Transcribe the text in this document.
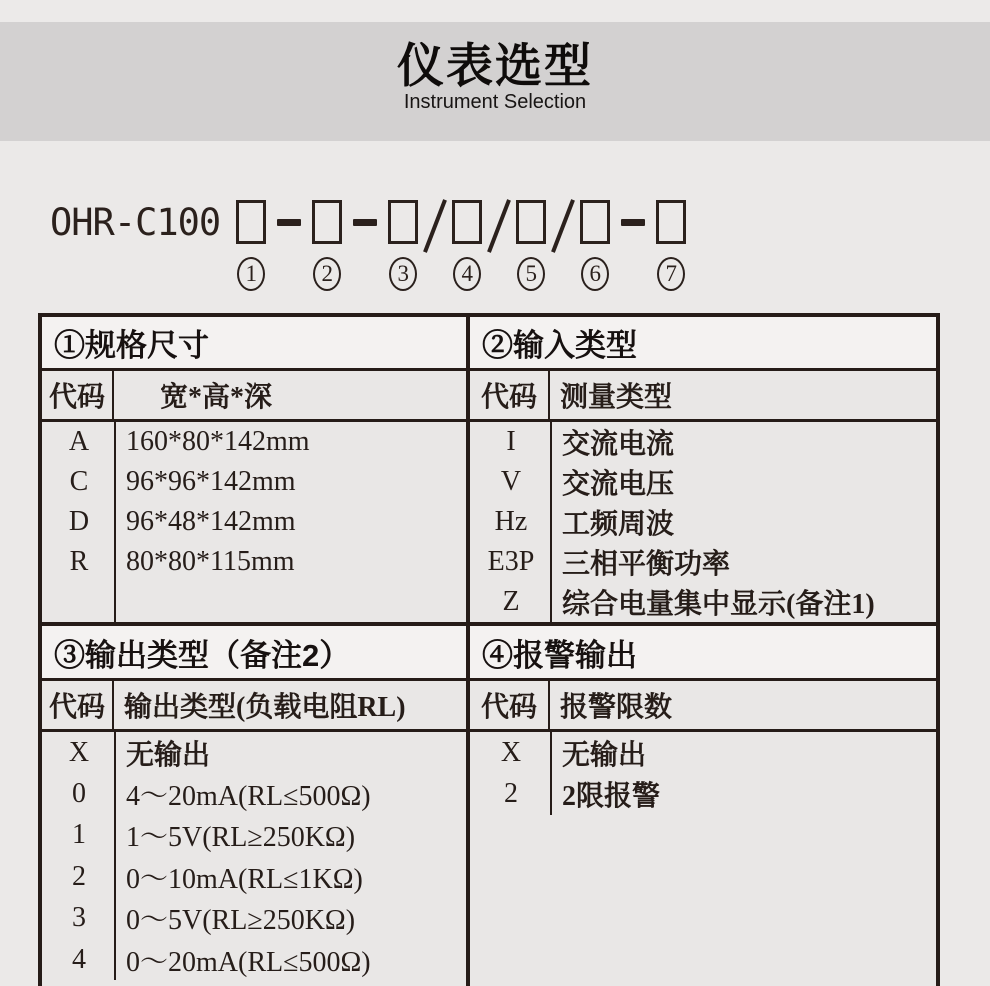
仪表选型
Instrument Selection
OHR-C100
1	2	3	4	5	6	7
①规格尺寸
代码	宽*高*深
A	160*80*142mm
C	96*96*142mm
D	96*48*142mm
R	80*80*115mm
③输出类型（备注2）
代码 输出类型(负载电阻RL)
X	无输出
0	4～20mA(RL≤500Ω)
1	1～5V(RL≥250KΩ)
2	0～10mA(RL≤1KΩ)
3	0～5V(RL≥250KΩ)
4	0～20mA(RL≤500Ω)
②输入类型
代码 测量类型
I	交流电流
V	交流电压
Hz	工频周波
E3P 三相平衡功率
Z	综合电量集中显示(备注1)
④报警输出
代码 报警限数
X	无输出
2	2限报警
